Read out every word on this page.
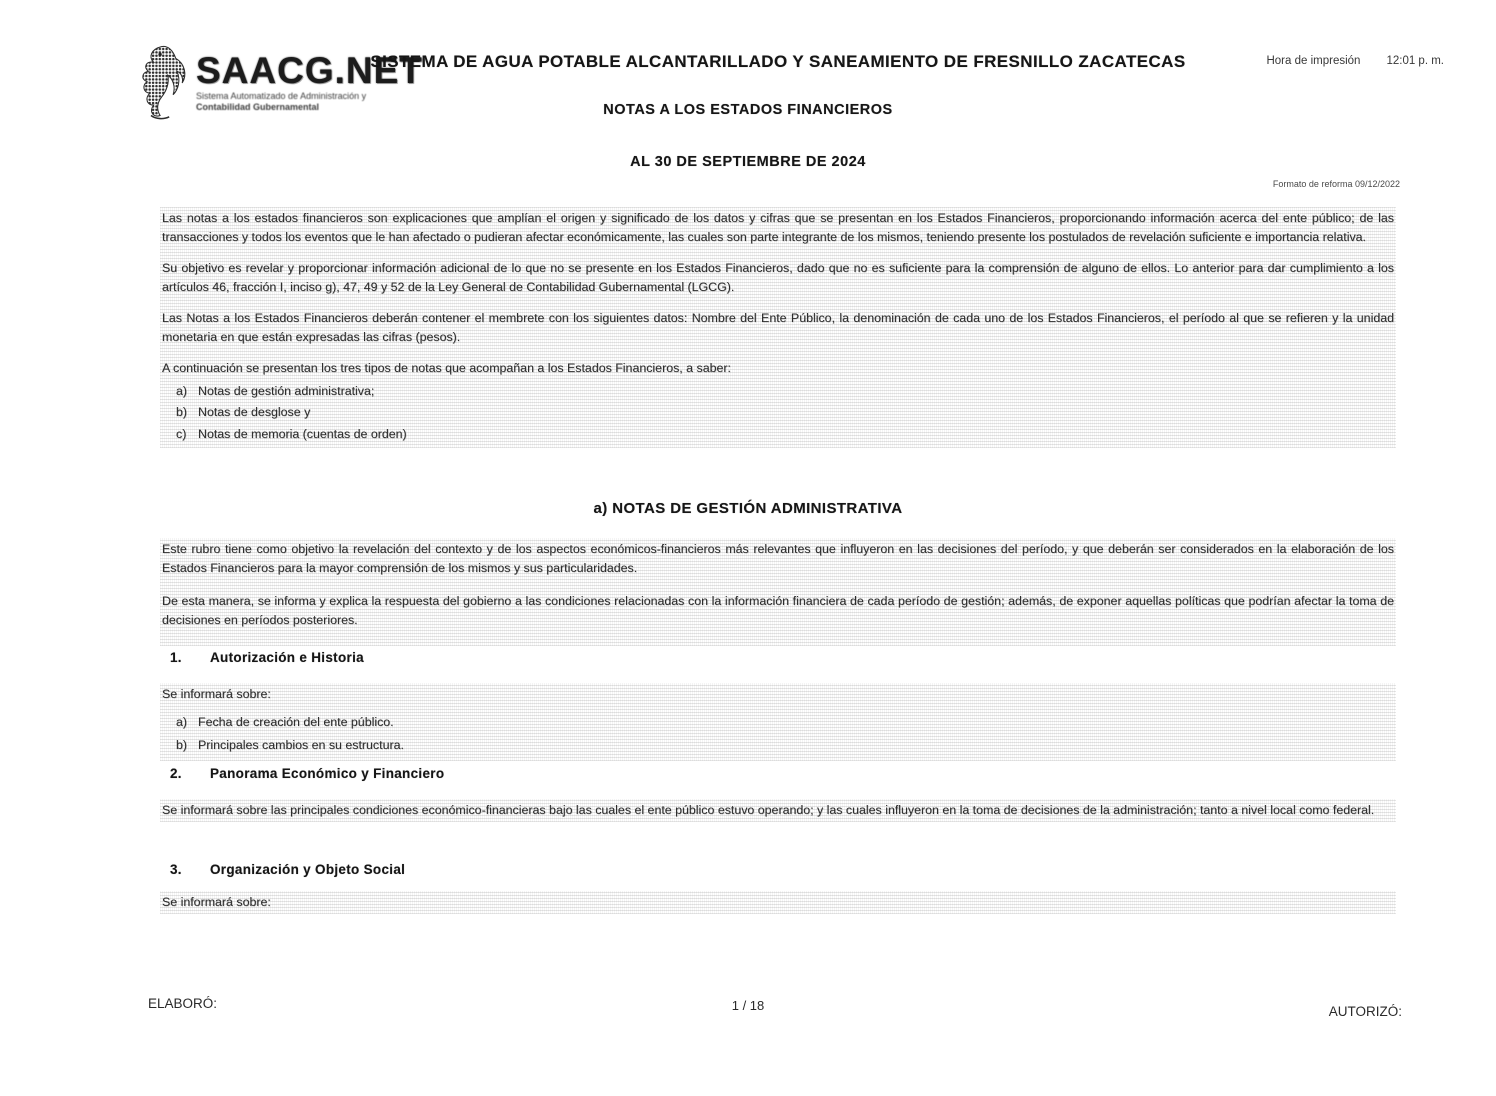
SAACG.NET
Sistema Automatizado de Administración y
Contabilidad Gubernamental
SISTEMA DE AGUA POTABLE ALCANTARILLADO Y SANEAMIENTO DE FRESNILLO ZACATECAS	Hora de impresión 12:01 p. m.
NOTAS A LOS ESTADOS FINANCIEROS
AL 30 DE SEPTIEMBRE DE 2024
Formato de reforma 09/12/2022

Las notas a los estados financieros son explicaciones que amplían el origen y significado de los datos y cifras que se presentan en los Estados Financieros, proporcionando información acerca del ente público; de las transacciones y todos los eventos que le han afectado o pudieran afectar económicamente, las cuales son parte integrante de los mismos, teniendo presente los postulados de revelación suficiente e importancia relativa.

Su objetivo es revelar y proporcionar información adicional de lo que no se presente en los Estados Financieros, dado que no es suficiente para la comprensión de alguno de ellos. Lo anterior para dar cumplimiento a los artículos 46, fracción I, inciso g), 47, 49 y 52 de la Ley General de Contabilidad Gubernamental (LGCG).

Las Notas a los Estados Financieros deberán contener el membrete con los siguientes datos: Nombre del Ente Público, la denominación de cada uno de los Estados Financieros, el período al que se refieren y la unidad monetaria en que están expresadas las cifras (pesos).

A continuación se presentan los tres tipos de notas que acompañan a los Estados Financieros, a saber:

a) Notas de gestión administrativa;
b) Notas de desglose y
c) Notas de memoria (cuentas de orden)
a) NOTAS DE GESTIÓN ADMINISTRATIVA

Este rubro tiene como objetivo la revelación del contexto y de los aspectos económicos-financieros más relevantes que influyeron en las decisiones del período, y que deberán ser considerados en la elaboración de los Estados Financieros para la mayor comprensión de los mismos y sus particularidades.

De esta manera, se informa y explica la respuesta del gobierno a las condiciones relacionadas con la información financiera de cada período de gestión; además, de exponer aquellas políticas que podrían afectar la toma de decisiones en períodos posteriores.

1.	Autorización e Historia

Se informará sobre:

a) Fecha de creación del ente público.
b) Principales cambios en su estructura.
2.	Panorama Económico y Financiero

Se informará sobre las principales condiciones económico-financieras bajo las cuales el ente público estuvo operando; y las cuales influyeron en la toma de decisiones de la administración; tanto a nivel local como federal.

3.	Organización y Objeto Social

Se informará sobre:

ELABORÓ:	1 / 18	AUTORIZÓ:
